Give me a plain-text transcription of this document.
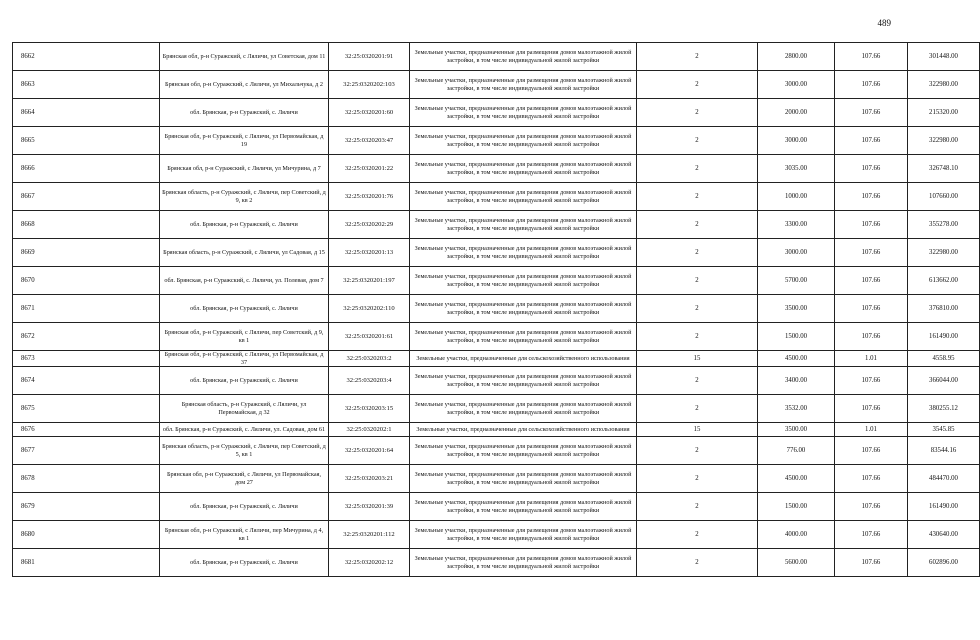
489
8662	Брянская обл, р-н Суражский, с Ляличи, ул Советская, дом 11	32:25:0320201:91	Земельные участки, предназначенные для размещения домов малоэтажной жилой застройки, в том числе индивидуальной жилой застройки	2	2800.00	107.66	301448.00
8663	Брянская обл, р-н Суражский, с Ляличи, ул Михальчука, д 2	32:25:0320202:103	Земельные участки, предназначенные для размещения домов малоэтажной жилой застройки, в том числе индивидуальной жилой застройки	2	3000.00	107.66	322980.00
8664	обл. Брянская, р-н Суражский, с. Ляличи	32:25:0320201:60	Земельные участки, предназначенные для размещения домов малоэтажной жилой застройки, в том числе индивидуальной жилой застройки	2	2000.00	107.66	215320.00
8665	Брянская обл, р-н Суражский, с Ляличи, ул Первомайская, д 19	32:25:0320203:47	Земельные участки, предназначенные для размещения домов малоэтажной жилой застройки, в том числе индивидуальной жилой застройки	2	3000.00	107.66	322980.00
8666	Брянская обл, р-н Суражский, с Ляличи, ул Мичурина, д 7	32:25:0320201:22	Земельные участки, предназначенные для размещения домов малоэтажной жилой застройки, в том числе индивидуальной жилой застройки	2	3035.00	107.66	326748.10
8667	Брянская область, р-н Суражский, с Ляличи, пер Советский, д 9, кв 2	32:25:0320201:76	Земельные участки, предназначенные для размещения домов малоэтажной жилой застройки, в том числе индивидуальной жилой застройки	2	1000.00	107.66	107660.00
8668	обл. Брянская, р-н Суражский, с. Ляличи	32:25:0320202:29	Земельные участки, предназначенные для размещения домов малоэтажной жилой застройки, в том числе индивидуальной жилой застройки	2	3300.00	107.66	355278.00
8669	Брянская область, р-н Суражский, с Ляличи, ул Садовая, д 15	32:25:0320201:13	Земельные участки, предназначенные для размещения домов малоэтажной жилой застройки, в том числе индивидуальной жилой застройки	2	3000.00	107.66	322980.00
8670	обл. Брянская, р-н Суражский, с. Ляличи, ул. Полевая, дом 7	32:25:0320201:197	Земельные участки, предназначенные для размещения домов малоэтажной жилой застройки, в том числе индивидуальной жилой застройки	2	5700.00	107.66	613662.00
8671	обл. Брянская, р-н Суражский, с. Ляличи	32:25:0320202:110	Земельные участки, предназначенные для размещения домов малоэтажной жилой застройки, в том числе индивидуальной жилой застройки	2	3500.00	107.66	376810.00
8672	Брянская обл, р-н Суражский, с Ляличи, пер Советский, д 9, кв 1	32:25:0320201:61	Земельные участки, предназначенные для размещения домов малоэтажной жилой застройки, в том числе индивидуальной жилой застройки	2	1500.00	107.66	161490.00
8673	Брянская обл, р-н Суражский, с Ляличи, ул Первомайская, д 37	32:25:0320203:2	Земельные участки, предназначенные для сельскохозяйственного использования	15	4500.00	1.01	4558.95
8674	обл. Брянская, р-н Суражский, с. Ляличи	32:25:0320203:4	Земельные участки, предназначенные для размещения домов малоэтажной жилой застройки, в том числе индивидуальной жилой застройки	2	3400.00	107.66	366044.00
8675	Брянская область, р-н Суражский, с Ляличи, ул Первомайская, д 32	32:25:0320203:15	Земельные участки, предназначенные для размещения домов малоэтажной жилой застройки, в том числе индивидуальной жилой застройки	2	3532.00	107.66	380255.12
8676	обл. Брянская, р-н Суражский, с. Ляличи, ул. Садовая, дом 61	32:25:0320202:1	Земельные участки, предназначенные для сельскохозяйственного использования	15	3500.00	1.01	3545.85
8677	Брянская область, р-н Суражский, с Ляличи, пер Советский, д 5, кв 1	32:25:0320201:64	Земельные участки, предназначенные для размещения домов малоэтажной жилой застройки, в том числе индивидуальной жилой застройки	2	776.00	107.66	83544.16
8678	Брянская обл, р-н Суражский, с Ляличи, ул Первомайская, дом 27	32:25:0320203:21	Земельные участки, предназначенные для размещения домов малоэтажной жилой застройки, в том числе индивидуальной жилой застройки	2	4500.00	107.66	484470.00
8679	обл. Брянская, р-н Суражский, с. Ляличи	32:25:0320201:39	Земельные участки, предназначенные для размещения домов малоэтажной жилой застройки, в том числе индивидуальной жилой застройки	2	1500.00	107.66	161490.00
8680	Брянская обл, р-н Суражский, с Ляличи, пер Мичурина, д 4, кв 1	32:25:0320201:112	Земельные участки, предназначенные для размещения домов малоэтажной жилой застройки, в том числе индивидуальной жилой застройки	2	4000.00	107.66	430640.00
8681	обл. Брянская, р-н Суражский, с. Ляличи	32:25:0320202:12	Земельные участки, предназначенные для размещения домов малоэтажной жилой застройки, в том числе индивидуальной жилой застройки	2	5600.00	107.66	602896.00
